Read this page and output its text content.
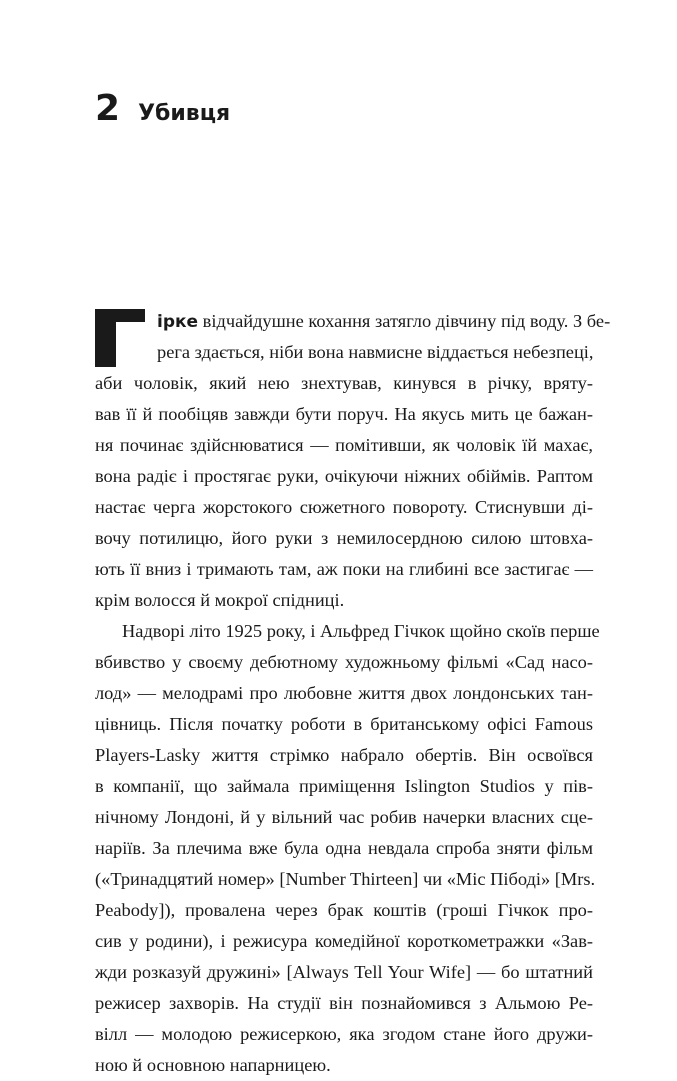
2 Убивця
ірке відчайдушне кохання затягло дівчину під воду. З бе-
рега здається, ніби вона навмисне віддається небезпеці,
аби чоловік, який нею знехтував, кинувся в річку, вряту-
вав її й пообіцяв завжди бути поруч. На якусь мить це бажан-
ня починає здійснюватися — помітивши, як чоловік їй махає,
вона радіє і простягає руки, очікуючи ніжних обіймів. Раптом
настає черга жорстокого сюжетного повороту. Стиснувши ді-
вочу потилицю, його руки з немилосердною силою штовха-
ють її вниз і тримають там, аж поки на глибині все застигає —
крім волосся й мокрої спідниці.
Надворі літо 1925 року, і Альфред Гічкок щойно скоїв перше
вбивство у своєму дебютному художньому фільмі «Сад насо-
лод» — мелодрамі про любовне життя двох лондонських тан-
цівниць. Після початку роботи в британському офісі Famous
Players-Lasky життя стрімко набрало обертів. Він освоївся
в компанії, що займала приміщення Islington Studios у пів-
нічному Лондоні, й у вільний час робив начерки власних сце-
наріїв. За плечима вже була одна невдала спроба зняти фільм
(«Тринадцятий номер» [Number Thirteen] чи «Міс Пібоді» [Mrs.
Peabody]), провалена через брак коштів (гроші Гічкок про-
сив у родини), і режисура комедійної короткометражки «Зав-
жди розказуй дружині» [Always Tell Your Wife] — бо штатний
режисер захворів. На студії він познайомився з Альмою Ре-
вілл — молодою режисеркою, яка згодом стане його дружи-
ною й основною напарницею.
